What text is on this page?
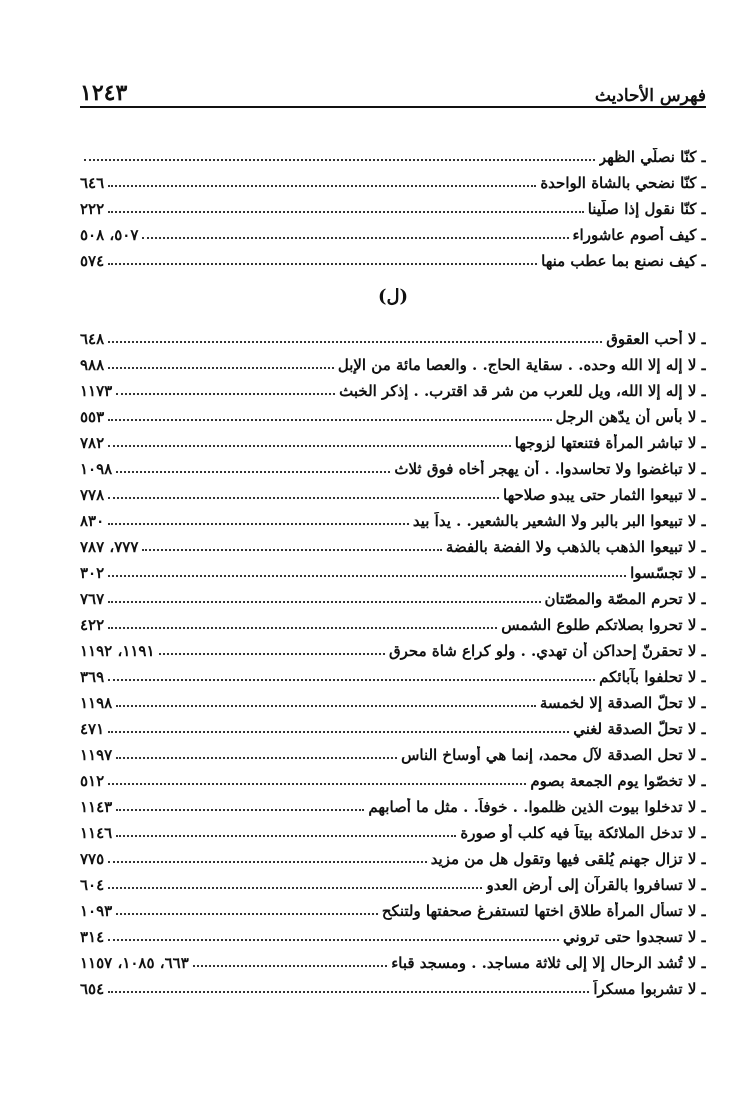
فهرس الأحاديث
١٢٤٣
ـ كنّا نصلّي الظهر
ـ كنّا نضحي بالشاة الواحدة
٦٤٦
ـ كنّا نقول إذا صلّينا
٢٢٢
ـ كيف أصوم عاشوراء
٥٠٧، ٥٠٨
ـ كيف نصنع بما عطب منها
٥٧٤
(ل)
ـ لا أحب العقوق
٦٤٨
ـ لا إله إلا الله وحده. . سقاية الحاج. . والعصا مائة من الإبل
٩٨٨
ـ لا إله إلا الله، ويل للعرب من شر قد اقترب. . إذكر الخبث
١١٧٣
ـ لا بأس أن يدّهن الرجل
٥٥٣
ـ لا تباشر المرأة فتنعتها لزوجها
٧٨٢
ـ لا تباغضوا ولا تحاسدوا. . أن يهجر أخاه فوق ثلاث
١٠٩٨
ـ لا تبيعوا الثمار حتى يبدو صلاحها
٧٧٨
ـ لا تبيعوا البر بالبر ولا الشعير بالشعير. . يداً بيد
٨٣٠
ـ لا تبيعوا الذهب بالذهب ولا الفضة بالفضة
٧٧٧، ٧٨٧
ـ لا تجسّسوا
٣٠٢
ـ لا تحرم المصّة والمصّتان
٧٦٧
ـ لا تحروا بصلاتكم طلوع الشمس
٤٢٢
ـ لا تحقرنّ إحداكن أن تهدي. . ولو كراع شاة محرق
١١٩١، ١١٩٢
ـ لا تحلفوا بآبائكم
٣٦٩
ـ لا تحلّ الصدقة إلا لخمسة
١١٩٨
ـ لا تحلّ الصدقة لغني
٤٧١
ـ لا تحل الصدقة لآل محمد، إنما هي أوساخ الناس
١١٩٧
ـ لا تخصّوا يوم الجمعة بصوم
٥١٢
ـ لا تدخلوا بيوت الذين ظلموا. . خوفاً. . مثل ما أصابهم
١١٤٣
ـ لا تدخل الملائكة بيتاً فيه كلب أو صورة
١١٤٦
ـ لا تزال جهنم يُلقى فيها وتقول هل من مزيد
٧٧٥
ـ لا تسافروا بالقرآن إلى أرض العدو
٦٠٤
ـ لا تسأل المرأة طلاق اختها لتستفرغ صحفتها ولتنكح
١٠٩٣
ـ لا تسجدوا حتى تروني
٣١٤
ـ لا تُشد الرحال إلا إلى ثلاثة مساجد. . ومسجد قباء
٦٦٣، ١٠٨٥، ١١٥٧
ـ لا تشربوا مسكراً
٦٥٤
